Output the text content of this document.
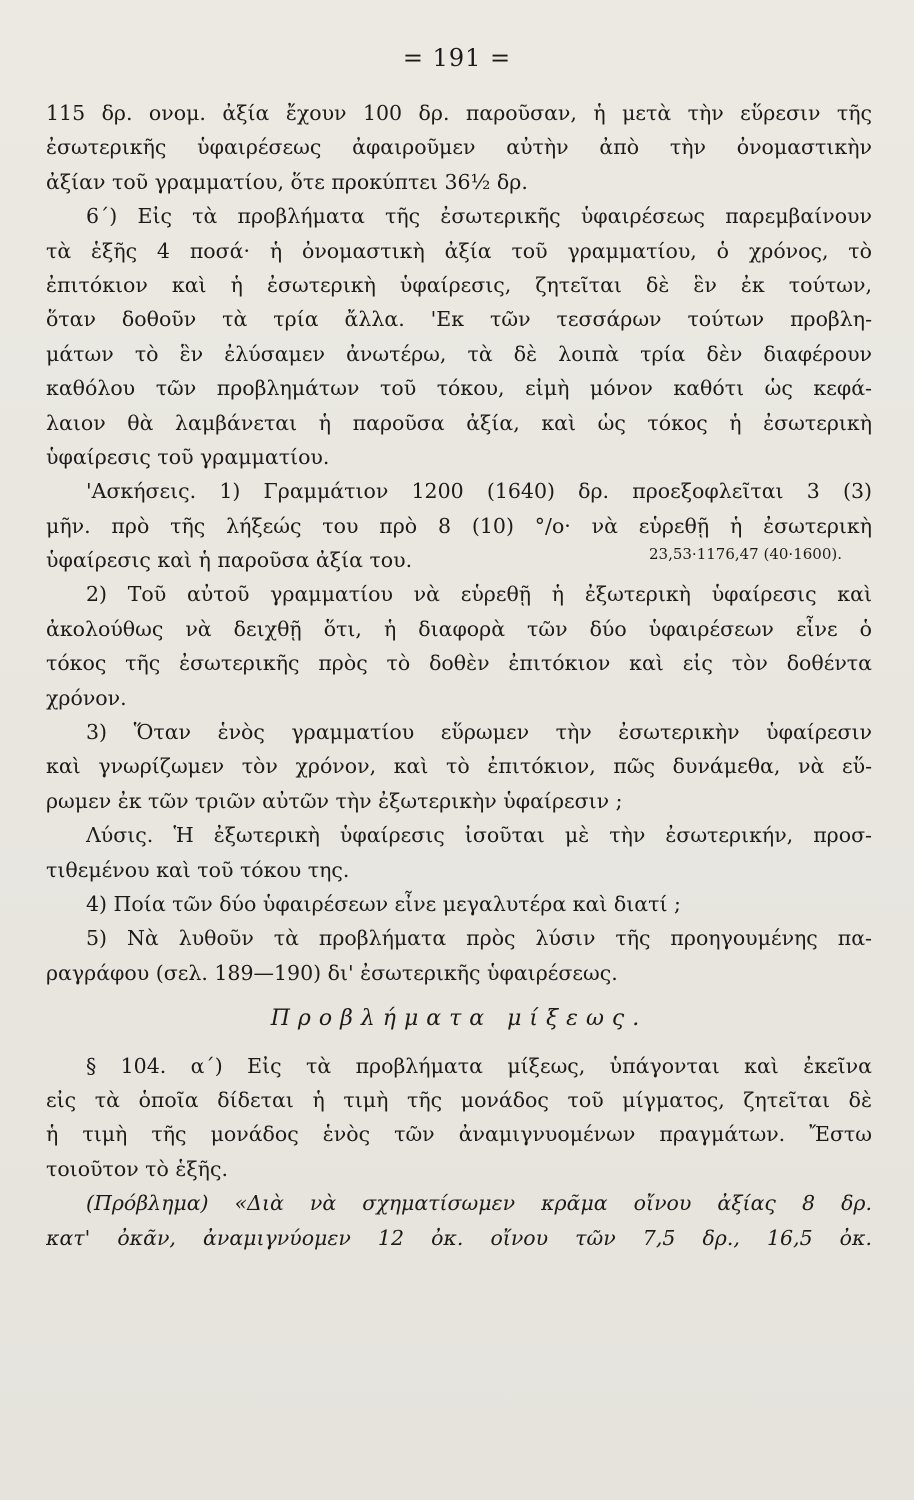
= 191 =
115 δρ. ονομ. ἀξία ἔχουν 100 δρ. παροῦσαν, ἡ μετὰ τὴν εὕρεσιν τῆς
ἐσωτερικῆς ὑφαιρέσεως ἀφαιροῦμεν αὐτὴν ἀπὸ τὴν ὀνομαστικὴν
ἀξίαν τοῦ γραμματίου, ὅτε προκύπτει 36½ δρ.
6΄) Εἰς τὰ προβλήματα τῆς ἐσωτερικῆς ὑφαιρέσεως παρεμβαίνουν
τὰ ἑξῆς 4 ποσά· ἡ ὀνομαστικὴ ἀξία τοῦ γραμματίου, ὁ χρόνος, τὸ
ἐπιτόκιον καὶ ἡ ἐσωτερικὴ ὑφαίρεσις, ζητεῖται δὲ ἓν ἐκ τούτων,
ὅταν δοθοῦν τὰ τρία ἄλλα. 'Εκ τῶν τεσσάρων τούτων προβλη-
μάτων τὸ ἓν ἐλύσαμεν ἀνωτέρω, τὰ δὲ λοιπὰ τρία δὲν διαφέρουν
καθόλου τῶν προβλημάτων τοῦ τόκου, εἰμὴ μόνον καθότι ὡς κεφά-
λαιον θὰ λαμβάνεται ἡ παροῦσα ἀξία, καὶ ὡς τόκος ἡ ἐσωτερικὴ
ὑφαίρεσις τοῦ γραμματίου.
'Ασκήσεις. 1) Γραμμάτιον 1200 (1640) δρ. προεξοφλεῖται 3 (3)
μῆν. πρὸ τῆς λήξεώς του πρὸ 8 (10) °/ο· νὰ εὑρεθῇ ἡ ἐσωτερικὴ
ὑφαίρεσις καὶ ἡ παροῦσα ἀξία του.	23,53·1176,47 (40·1600).
2) Τοῦ αὐτοῦ γραμματίου νὰ εὑρεθῇ ἡ ἐξωτερικὴ ὑφαίρεσις καὶ
ἀκολούθως νὰ δειχθῇ ὅτι, ἡ διαφορὰ τῶν δύο ὑφαιρέσεων εἶνε ὁ
τόκος τῆς ἐσωτερικῆς πρὸς τὸ δοθὲν ἐπιτόκιον καὶ εἰς τὸν δοθέντα
χρόνον.
3) Ὅταν ἑνὸς γραμματίου εὕρωμεν τὴν ἐσωτερικὴν ὑφαίρεσιν
καὶ γνωρίζωμεν τὸν χρόνον, καὶ τὸ ἐπιτόκιον, πῶς δυνάμεθα, νὰ εὕ-
ρωμεν ἐκ τῶν τριῶν αὐτῶν τὴν ἐξωτερικὴν ὑφαίρεσιν ;
Λύσις. Ἡ ἐξωτερικὴ ὑφαίρεσις ἰσοῦται μὲ τὴν ἐσωτερικήν, προσ-
τιθεμένου καὶ τοῦ τόκου της.
4) Ποία τῶν δύο ὑφαιρέσεων εἶνε μεγαλυτέρα καὶ διατί ;
5) Νὰ λυθοῦν τὰ προβλήματα πρὸς λύσιν τῆς προηγουμένης πα-
ραγράφου (σελ. 189—190) δι' ἐσωτερικῆς ὑφαιρέσεως.
Προβλήματα μίξεως.
§ 104. α΄) Εἰς τὰ προβλήματα μίξεως, ὑπάγονται καὶ ἐκεῖνα
εἰς τὰ ὁποῖα δίδεται ἡ τιμὴ τῆς μονάδος τοῦ μίγματος, ζητεῖται δὲ
ἡ τιμὴ τῆς μονάδος ἑνὸς τῶν ἀναμιγνυομένων πραγμάτων. Ἔστω
τοιοῦτον τὸ ἑξῆς.
(Πρόβλημα) «Διὰ νὰ σχηματίσωμεν κρᾶμα οἴνου ἀξίας 8 δρ.
κατ' ὀκᾶν, ἀναμιγνύομεν 12 ὀκ. οἴνου τῶν 7,5 δρ., 16,5 ὀκ.
